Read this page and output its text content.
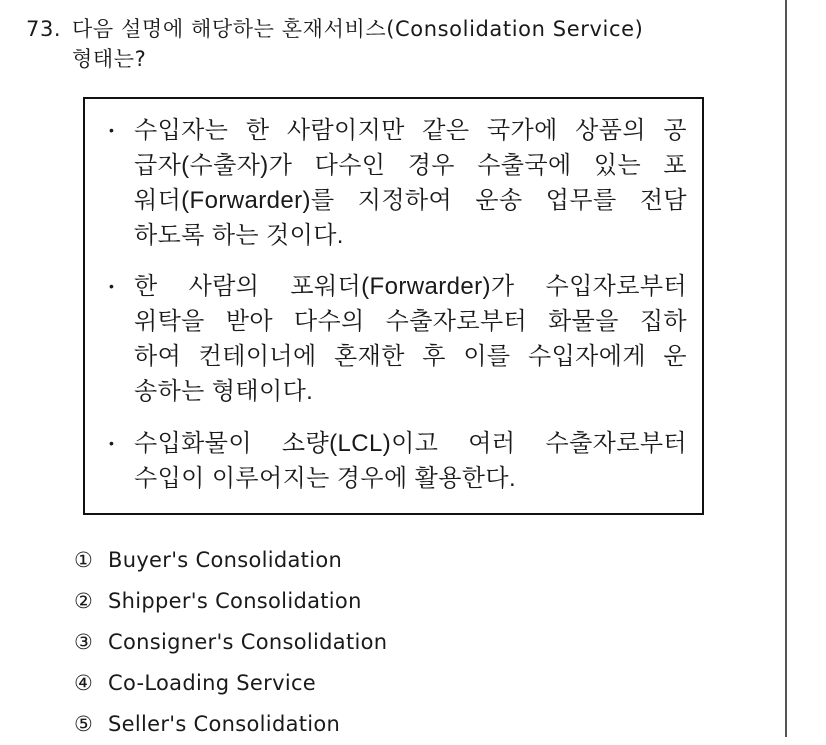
73. 다음 설명에 해당하는 혼재서비스(Consolidation Service)
형태는?
• 수입자는 한 사람이지만 같은 국가에 상품의 공
급자(수출자)가 다수인 경우 수출국에 있는 포
워더(Forwarder)를 지정하여 운송 업무를 전담
하도록 하는 것이다.
• 한 사람의 포워더(Forwarder)가 수입자로부터
위탁을 받아 다수의 수출자로부터 화물을 집하
하여 컨테이너에 혼재한 후 이를 수입자에게 운
송하는 형태이다.
• 수입화물이 소량(LCL)이고 여러 수출자로부터
수입이 이루어지는 경우에 활용한다.
① Buyer's Consolidation
② Shipper's Consolidation
③ Consigner's Consolidation
④ Co-Loading Service
⑤ Seller's Consolidation
